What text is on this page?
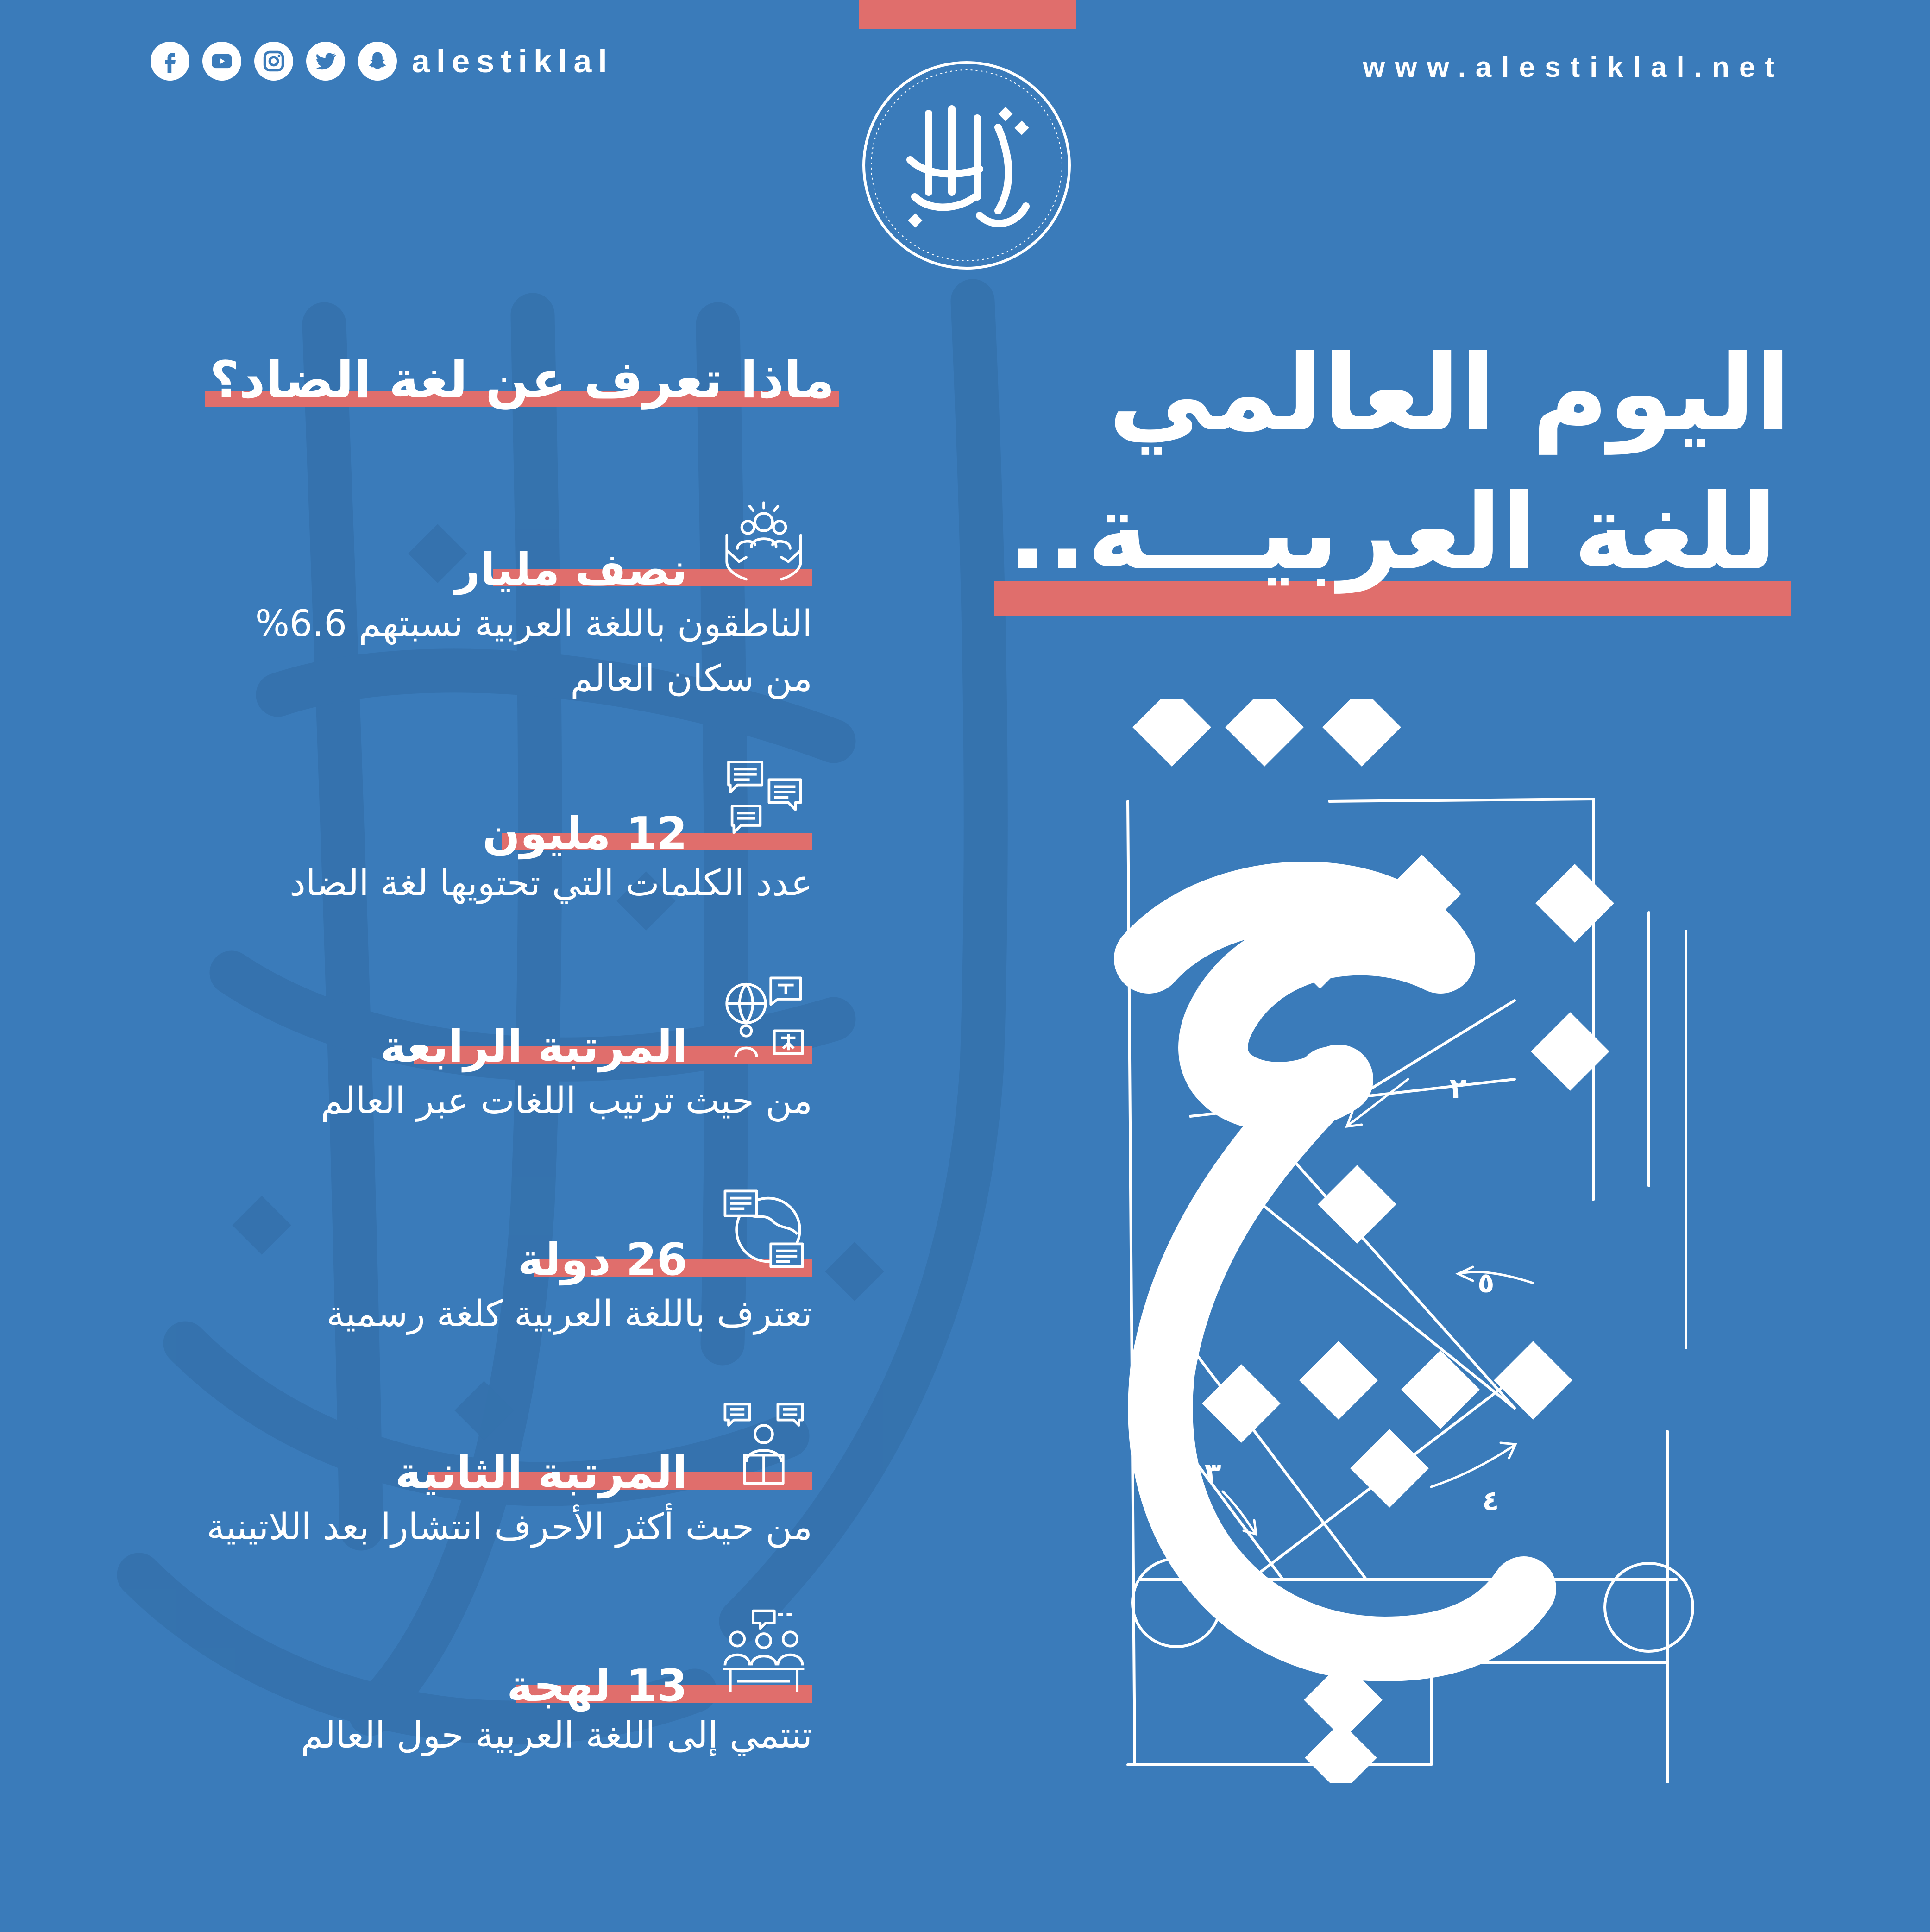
alestiklal	www.alestiklal.net
اليوم العالمي
للغة العربيـــة..
١
٢
٥
٣
٤
ماذا تعرف عن لغة الضاد؟
نصف مليار
الناطقون باللغة العربية نسبتهم 6.6%
من سكان العالم
12 مليون
عدد الكلمات التي تحتويها لغة الضاد
المرتبة الرابعة
من حيث ترتيب اللغات عبر العالم
26 دولة
تعترف باللغة العربية كلغة رسمية
المرتبة الثانية
من حيث أكثر الأحرف انتشارا بعد اللاتينية
13 لهجة
تنتمي إلى اللغة العربية حول العالم
